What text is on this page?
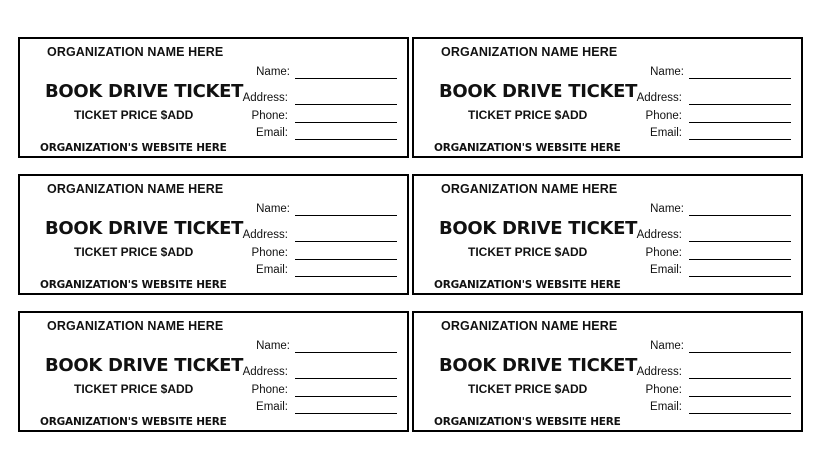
ORGANIZATION NAME HERE
BOOK DRIVE TICKET
TICKET PRICE $ADD
ORGANIZATION'S WEBSITE HERE
Name:
Address:
Phone:
Email:
ORGANIZATION NAME HERE
BOOK DRIVE TICKET
TICKET PRICE $ADD
ORGANIZATION'S WEBSITE HERE
Name:
Address:
Phone:
Email:
ORGANIZATION NAME HERE
BOOK DRIVE TICKET
TICKET PRICE $ADD
ORGANIZATION'S WEBSITE HERE
Name:
Address:
Phone:
Email:
ORGANIZATION NAME HERE
BOOK DRIVE TICKET
TICKET PRICE $ADD
ORGANIZATION'S WEBSITE HERE
Name:
Address:
Phone:
Email:
ORGANIZATION NAME HERE
BOOK DRIVE TICKET
TICKET PRICE $ADD
ORGANIZATION'S WEBSITE HERE
Name:
Address:
Phone:
Email:
ORGANIZATION NAME HERE
BOOK DRIVE TICKET
TICKET PRICE $ADD
ORGANIZATION'S WEBSITE HERE
Name:
Address:
Phone:
Email:
